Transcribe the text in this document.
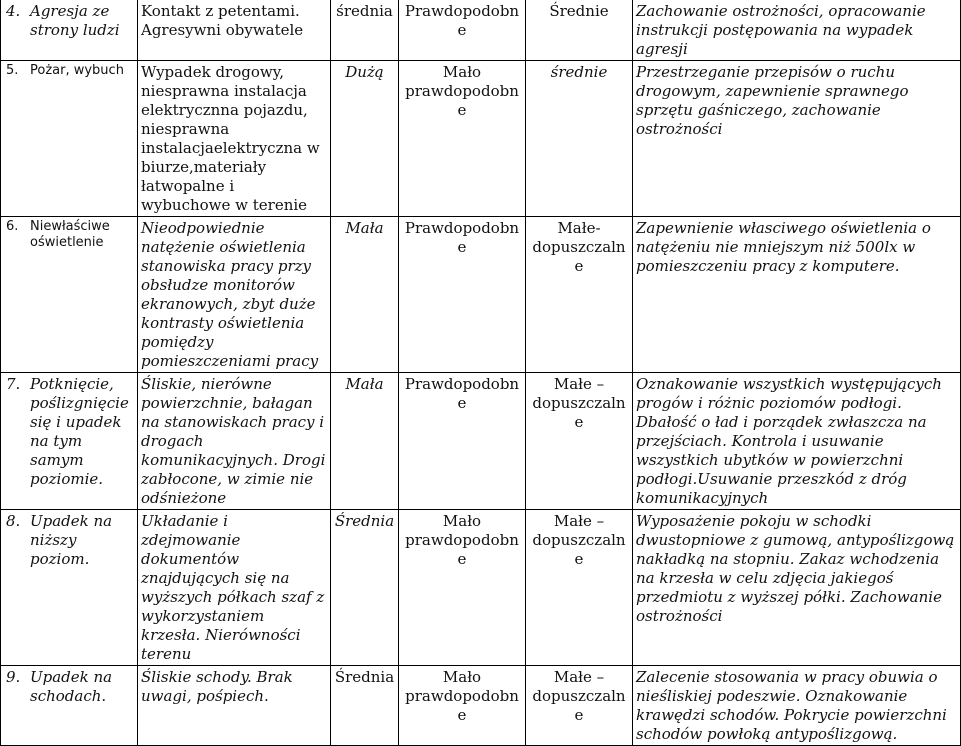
4.	Agresja ze strony ludzi	Kontakt z petentami. Agresywni obywatele	średnia	Prawdopodobne	Średnie	Zachowanie ostrożności, opracowanie instrukcji postępowania na wypadek agresji

5.	Pożar, wybuch	Wypadek drogowy, niesprawna instalacja elektrycznna pojazdu, niesprawna instalacjaelektryczna w biurze,materiały łatwopalne i wybuchowe w terenie	Dużą	Mało prawdopodobne	średnie	Przestrzeganie przepisów o ruchu drogowym, zapewnienie sprawnego sprzętu gaśniczego, zachowanie ostrożności

6.	Niewłaściwe oświetlenie	Nieodpowiednie natężenie oświetlenia stanowiska pracy przy obsłudze monitorów ekranowych, zbyt duże kontrasty oświetlenia pomiędzy pomieszczeniami pracy	Mała	Prawdopodobne	Małe-dopuszczalne	Zapewnienie własciwego oświetlenia o natężeniu nie mniejszym niż 500lx w pomieszczeniu pracy z komputere.

7.	Potknięcie, poślizgnięcie się i upadek na tym samym poziomie.	Śliskie, nierówne powierzchnie, bałagan na stanowiskach pracy i drogach komunikacyjnych. Drogi zabłocone, w zimie nie odśnieżone	Mała	Prawdopodobne	Małe – dopuszczalne	Oznakowanie wszystkich występujących progów i różnic poziomów podłogi. Dbałość o ład i porządek zwłaszcza na przejściach. Kontrola i usuwanie wszystkich ubytków w powierzchni podłogi.Usuwanie przeszkód z dróg komunikacyjnych

8.	Upadek na niższy poziom.	Układanie i zdejmowanie dokumentów znajdujących się na wyższych półkach szaf z wykorzystaniem krzesła. Nierówności terenu	Średnia	Mało prawdopodobne	Małe – dopuszczalne	Wyposażenie pokoju w schodki dwustopniowe z gumową, antypoślizgową nakładką na stopniu. Zakaz wchodzenia na krzesła w celu zdjęcia jakiegoś przedmiotu z wyższej półki. Zachowanie ostrożności

9.	Upadek na schodach.	Śliskie schody. Brak uwagi, pośpiech.	Średnia	Mało prawdopodobne	Małe – dopuszczalne	Zalecenie stosowania w pracy obuwia o nieśliskiej podeszwie. Oznakowanie krawędzi schodów. Pokrycie powierzchni schodów powłoką antypoślizgową.
